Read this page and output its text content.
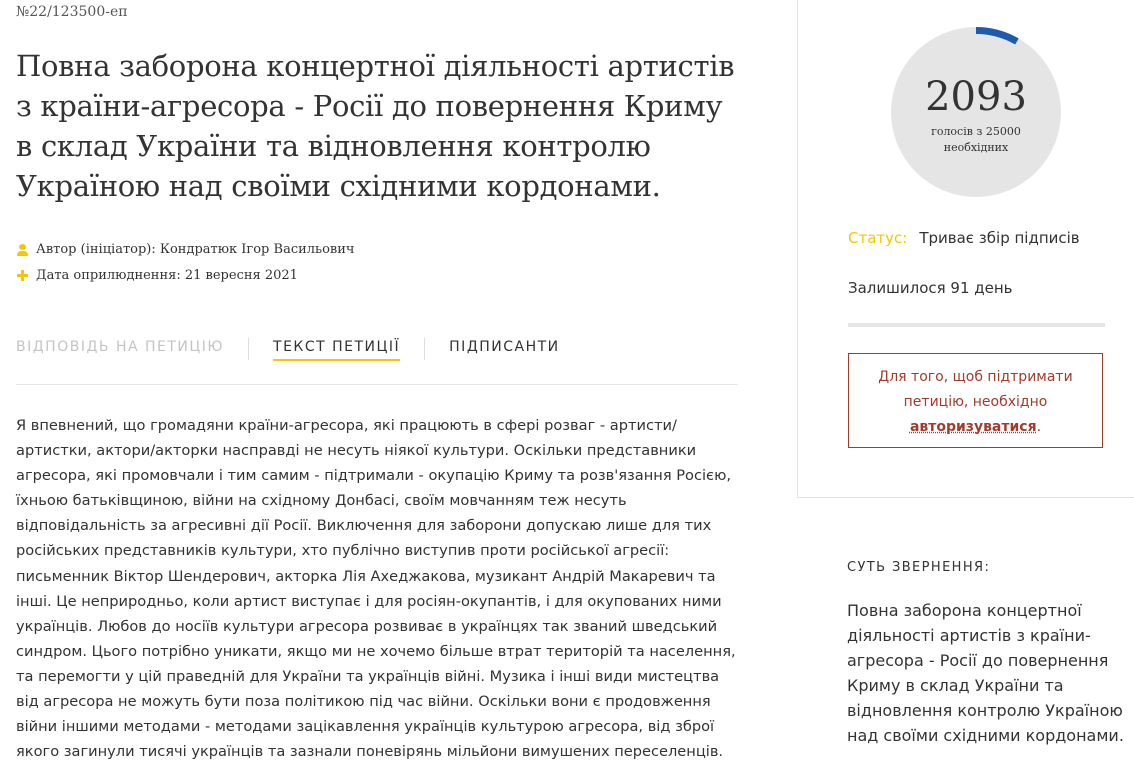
№22/123500-еп
Повна заборона концертної діяльності артистів з країни-агресора - Росії до повернення Криму в склад України та відновлення контролю Україною над своїми східними кордонами.
Автор (ініціатор):
Кондратюк Ігор Васильович
Дата оприлюднення:
21 вересня 2021
ВІДПОВІДЬ НА ПЕТИЦІЮ	ТЕКСТ ПЕТИЦІЇ	ПІДПИСАНТИ

Я впевнений, що громадяни країни-агресора, які працюють в сфері розваг - артисти/артистки, актори/акторки насправді не несуть ніякої культури. Оскільки представники агресора, які промовчали і тим самим - підтримали - окупацію Криму та розв'язання Росією, їхньою батьківщиною, війни на східному Донбасі, своїм мовчанням теж несуть відповідальність за агресивні дії Росії. Виключення для заборони допускаю лише для тих російських представників культури, хто публічно виступив проти російської агресії: письменник Віктор Шендерович, акторка Лія Ахеджакова, музикант Андрій Макаревич та інші. Це неприродньо, коли артист виступає і для росіян-окупантів, і для окупованих ними українців. Любов до носіїв культури агресора розвиває в українцях так званий шведський синдром. Цього потрібно уникати, якщо ми не хочемо більше втрат територій та населення, та перемогти у цій праведній для України та українців війні. Музика і інші види мистецтва від агресора не можуть бути поза політикою під час війни. Оскільки вони є продовження війни іншими методами - методами зацікавлення українців культурою агресора, від зброї якого загинули тисячі українців та зазнали поневірянь мільйони вимушених переселенців.

2093
голосів з 25000
необхідних
Статус: Триває збір підписів
Залишилося 91 день
Для того, щоб підтримати петицію, необхідно авторизуватися.
СУТЬ ЗВЕРНЕННЯ:

Повна заборона концертної діяльності артистів з країни-агресора - Росії до повернення Криму в склад України та відновлення контролю Україною над своїми східними кордонами.
